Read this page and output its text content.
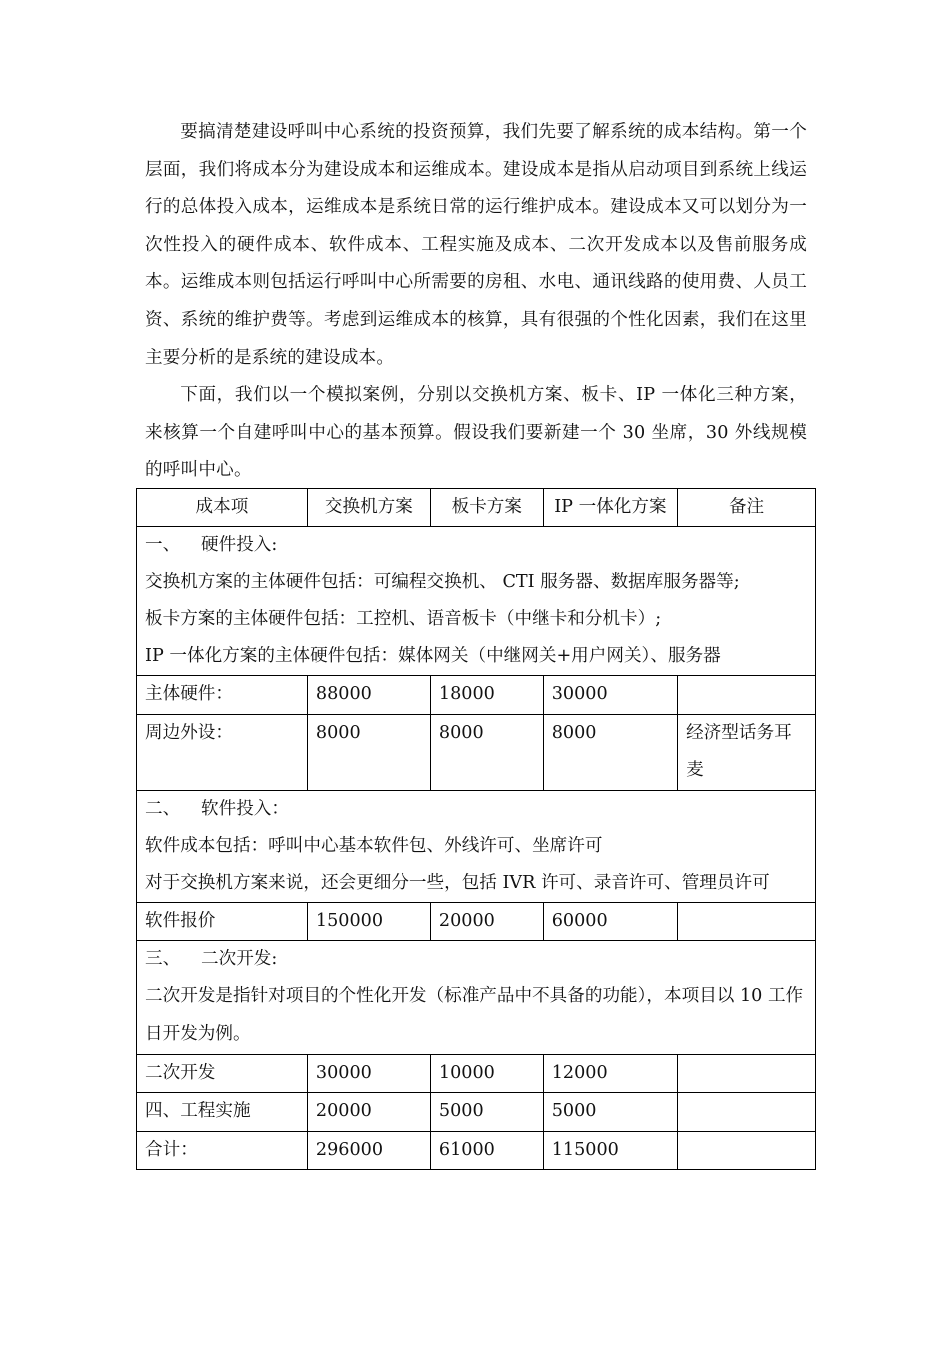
要搞清楚建设呼叫中心系统的投资预算，我们先要了解系统的成本结构。第一个层面，我们将成本分为建设成本和运维成本。建设成本是指从启动项目到系统上线运行的总体投入成本，运维成本是系统日常的运行维护成本。建设成本又可以划分为一次性投入的硬件成本、软件成本、工程实施及成本、二次开发成本以及售前服务成本。运维成本则包括运行呼叫中心所需要的房租、水电、通讯线路的使用费、人员工资、系统的维护费等。考虑到运维成本的核算，具有很强的个性化因素，我们在这里主要分析的是系统的建设成本。

下面，我们以一个模拟案例，分别以交换机方案、板卡、IP 一体化三种方案，来核算一个自建呼叫中心的基本预算。假设我们要新建一个 30 坐席，30 外线规模的呼叫中心。

成本项	交换机方案	板卡方案	IP 一体化方案	备注

一、 硬件投入:
交换机方案的主体硬件包括：可编程交换机、 CTI 服务器、数据库服务器等;
板卡方案的主体硬件包括：工控机、语音板卡（中继卡和分机卡）;
IP 一体化方案的主体硬件包括：媒体网关（中继网关+用户网关）、服务器				

主体硬件：	88000	18000	30000	
周边外设：	8000	8000	8000	经济型话务耳麦

二、 软件投入：
软件成本包括：呼叫中心基本软件包、外线许可、坐席许可
对于交换机方案来说，还会更细分一些，包括 IVR 许可、录音许可、管理员许可				

软件报价	150000	20000	60000	

三、 二次开发:
二次开发是指针对项目的个性化开发（标准产品中不具备的功能），本项目以 10 工作日开发为例。				

二次开发	30000	10000	12000	
四、工程实施	20000	5000	5000	
合计：	296000	61000	115000	
